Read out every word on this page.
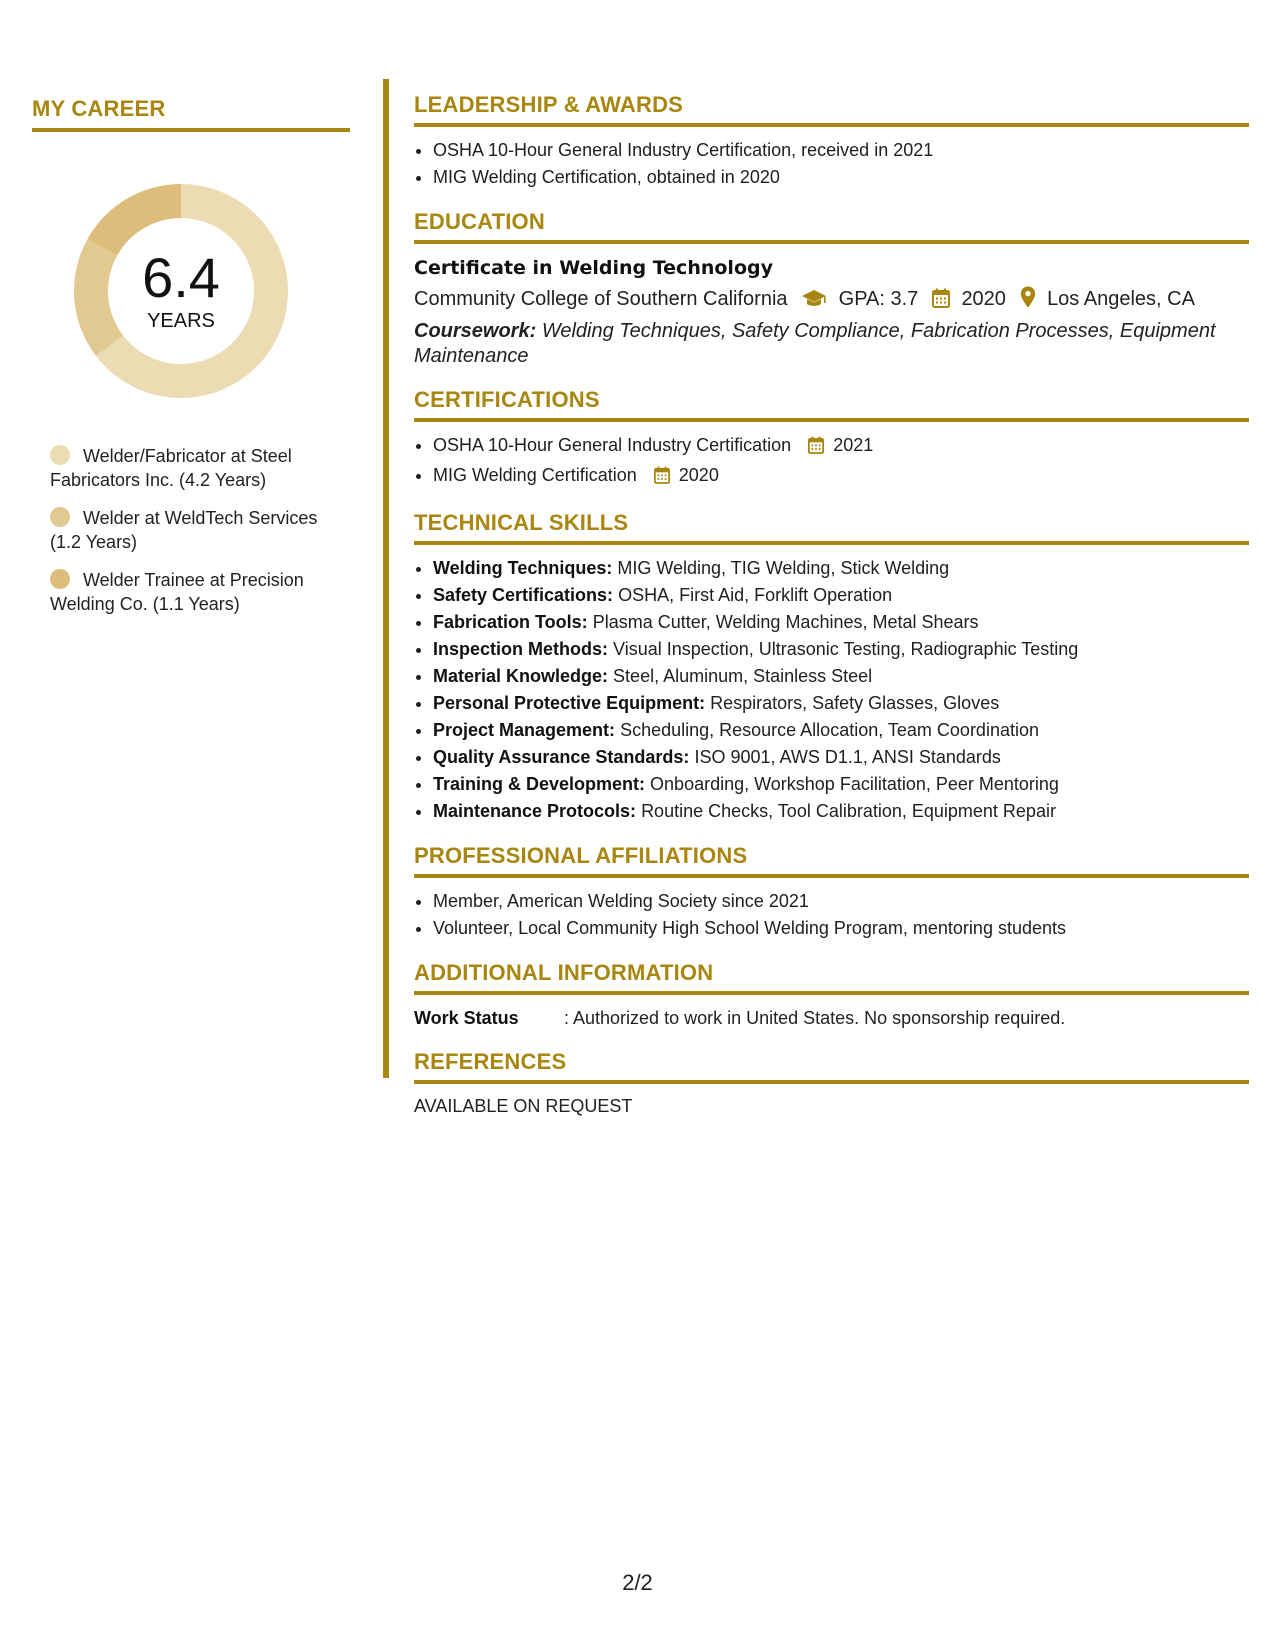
MY CAREER
6.4
YEARS
Welder/Fabricator at Steel Fabricators Inc. (4.2 Years)
Welder at WeldTech Services (1.2 Years)
Welder Trainee at Precision Welding Co. (1.1 Years)
LEADERSHIP & AWARDS
• OSHA 10-Hour General Industry Certification, received in 2021
• MIG Welding Certification, obtained in 2020
EDUCATION
Certificate in Welding Technology
Community College of Southern California	GPA: 3.7 2020 Los Angeles, CA
Coursework: Welding Techniques, Safety Compliance, Fabrication Processes, Equipment Maintenance
CERTIFICATIONS
• OSHA 10-Hour General Industry Certification 2021
• MIG Welding Certification 2020
TECHNICAL SKILLS
• Welding Techniques: MIG Welding, TIG Welding, Stick Welding
• Safety Certifications: OSHA, First Aid, Forklift Operation
• Fabrication Tools: Plasma Cutter, Welding Machines, Metal Shears
• Inspection Methods: Visual Inspection, Ultrasonic Testing, Radiographic Testing
• Material Knowledge: Steel, Aluminum, Stainless Steel
• Personal Protective Equipment: Respirators, Safety Glasses, Gloves
• Project Management: Scheduling, Resource Allocation, Team Coordination
• Quality Assurance Standards: ISO 9001, AWS D1.1, ANSI Standards
• Training & Development: Onboarding, Workshop Facilitation, Peer Mentoring
• Maintenance Protocols: Routine Checks, Tool Calibration, Equipment Repair
PROFESSIONAL AFFILIATIONS
• Member, American Welding Society since 2021
• Volunteer, Local Community High School Welding Program, mentoring students
ADDITIONAL INFORMATION
Work Status	: Authorized to work in United States. No sponsorship required.
REFERENCES
AVAILABLE ON REQUEST
2/2
